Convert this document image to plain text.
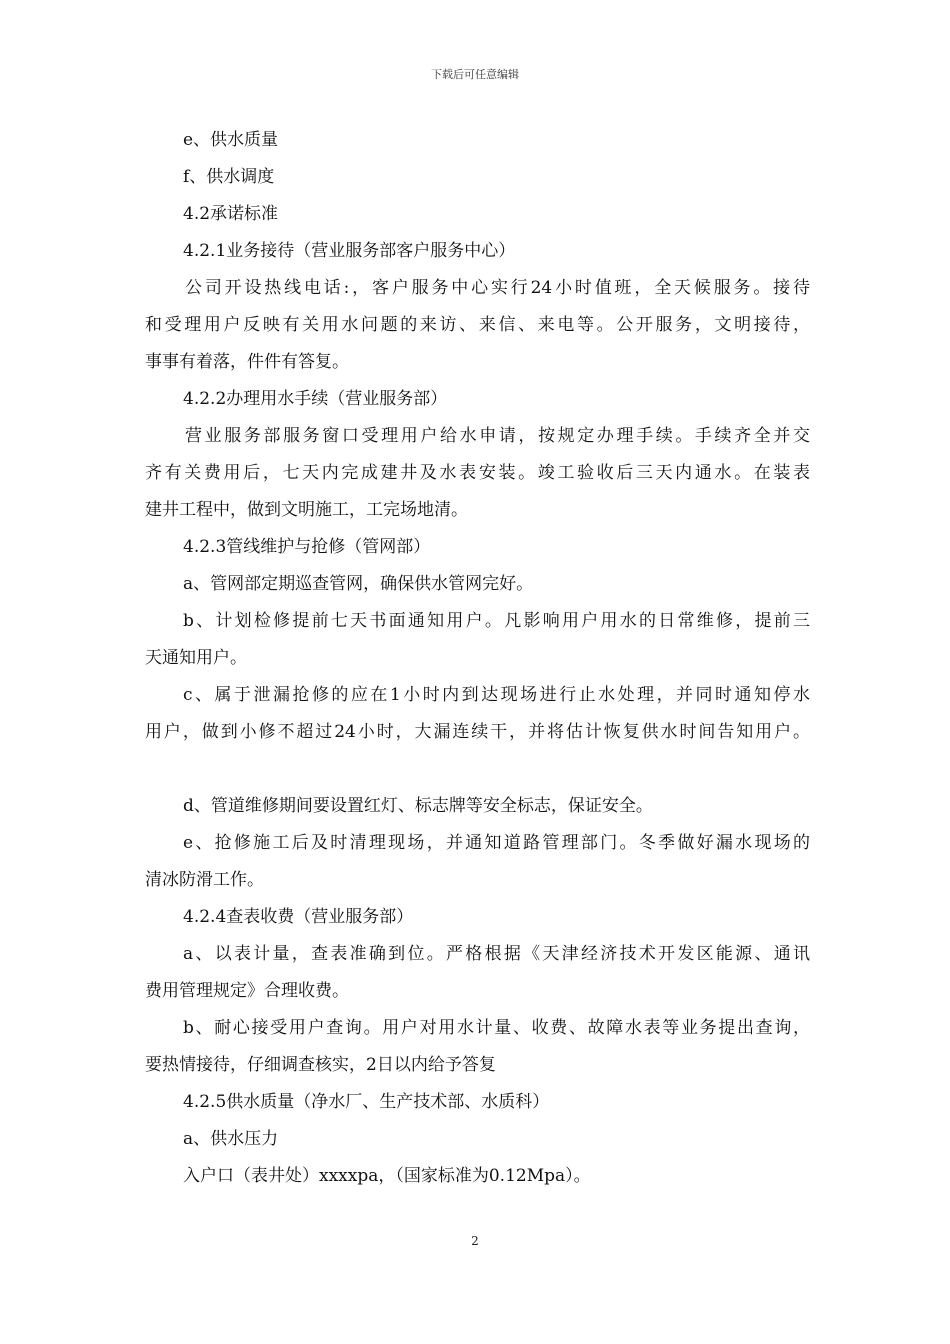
下载后可任意编辑
e、供水质量
f、供水调度
4.2承诺标准
4.2.1业务接待（营业服务部客户服务中心）
公司开设热线电话:，客户服务中心实行24小时值班，全天候服务。接待
和受理用户反映有关用水问题的来访、来信、来电等。公开服务，文明接待，
事事有着落，件件有答复。
4.2.2办理用水手续（营业服务部）
营业服务部服务窗口受理用户给水申请，按规定办理手续。手续齐全并交
齐有关费用后，七天内完成建井及水表安装。竣工验收后三天内通水。在装表
建井工程中，做到文明施工，工完场地清。
4.2.3管线维护与抢修（管网部）
a、管网部定期巡查管网，确保供水管网完好。
b、计划检修提前七天书面通知用户。凡影响用户用水的日常维修，提前三
天通知用户。
c、属于泄漏抢修的应在1小时内到达现场进行止水处理，并同时通知停水
用户，做到小修不超过24小时，大漏连续干，并将估计恢复供水时间告知用户。
d、管道维修期间要设置红灯、标志牌等安全标志，保证安全。
e、抢修施工后及时清理现场，并通知道路管理部门。冬季做好漏水现场的
清冰防滑工作。
4.2.4查表收费（营业服务部）
a、以表计量，查表准确到位。严格根据《天津经济技术开发区能源、通讯
费用管理规定》合理收费。
b、耐心接受用户查询。用户对用水计量、收费、故障水表等业务提出查询，
要热情接待，仔细调查核实，2日以内给予答复
4.2.5供水质量（净水厂、生产技术部、水质科）
a、供水压力
入户口（表井处）xxxxpa，（国家标准为0.12Mpa）。
2
